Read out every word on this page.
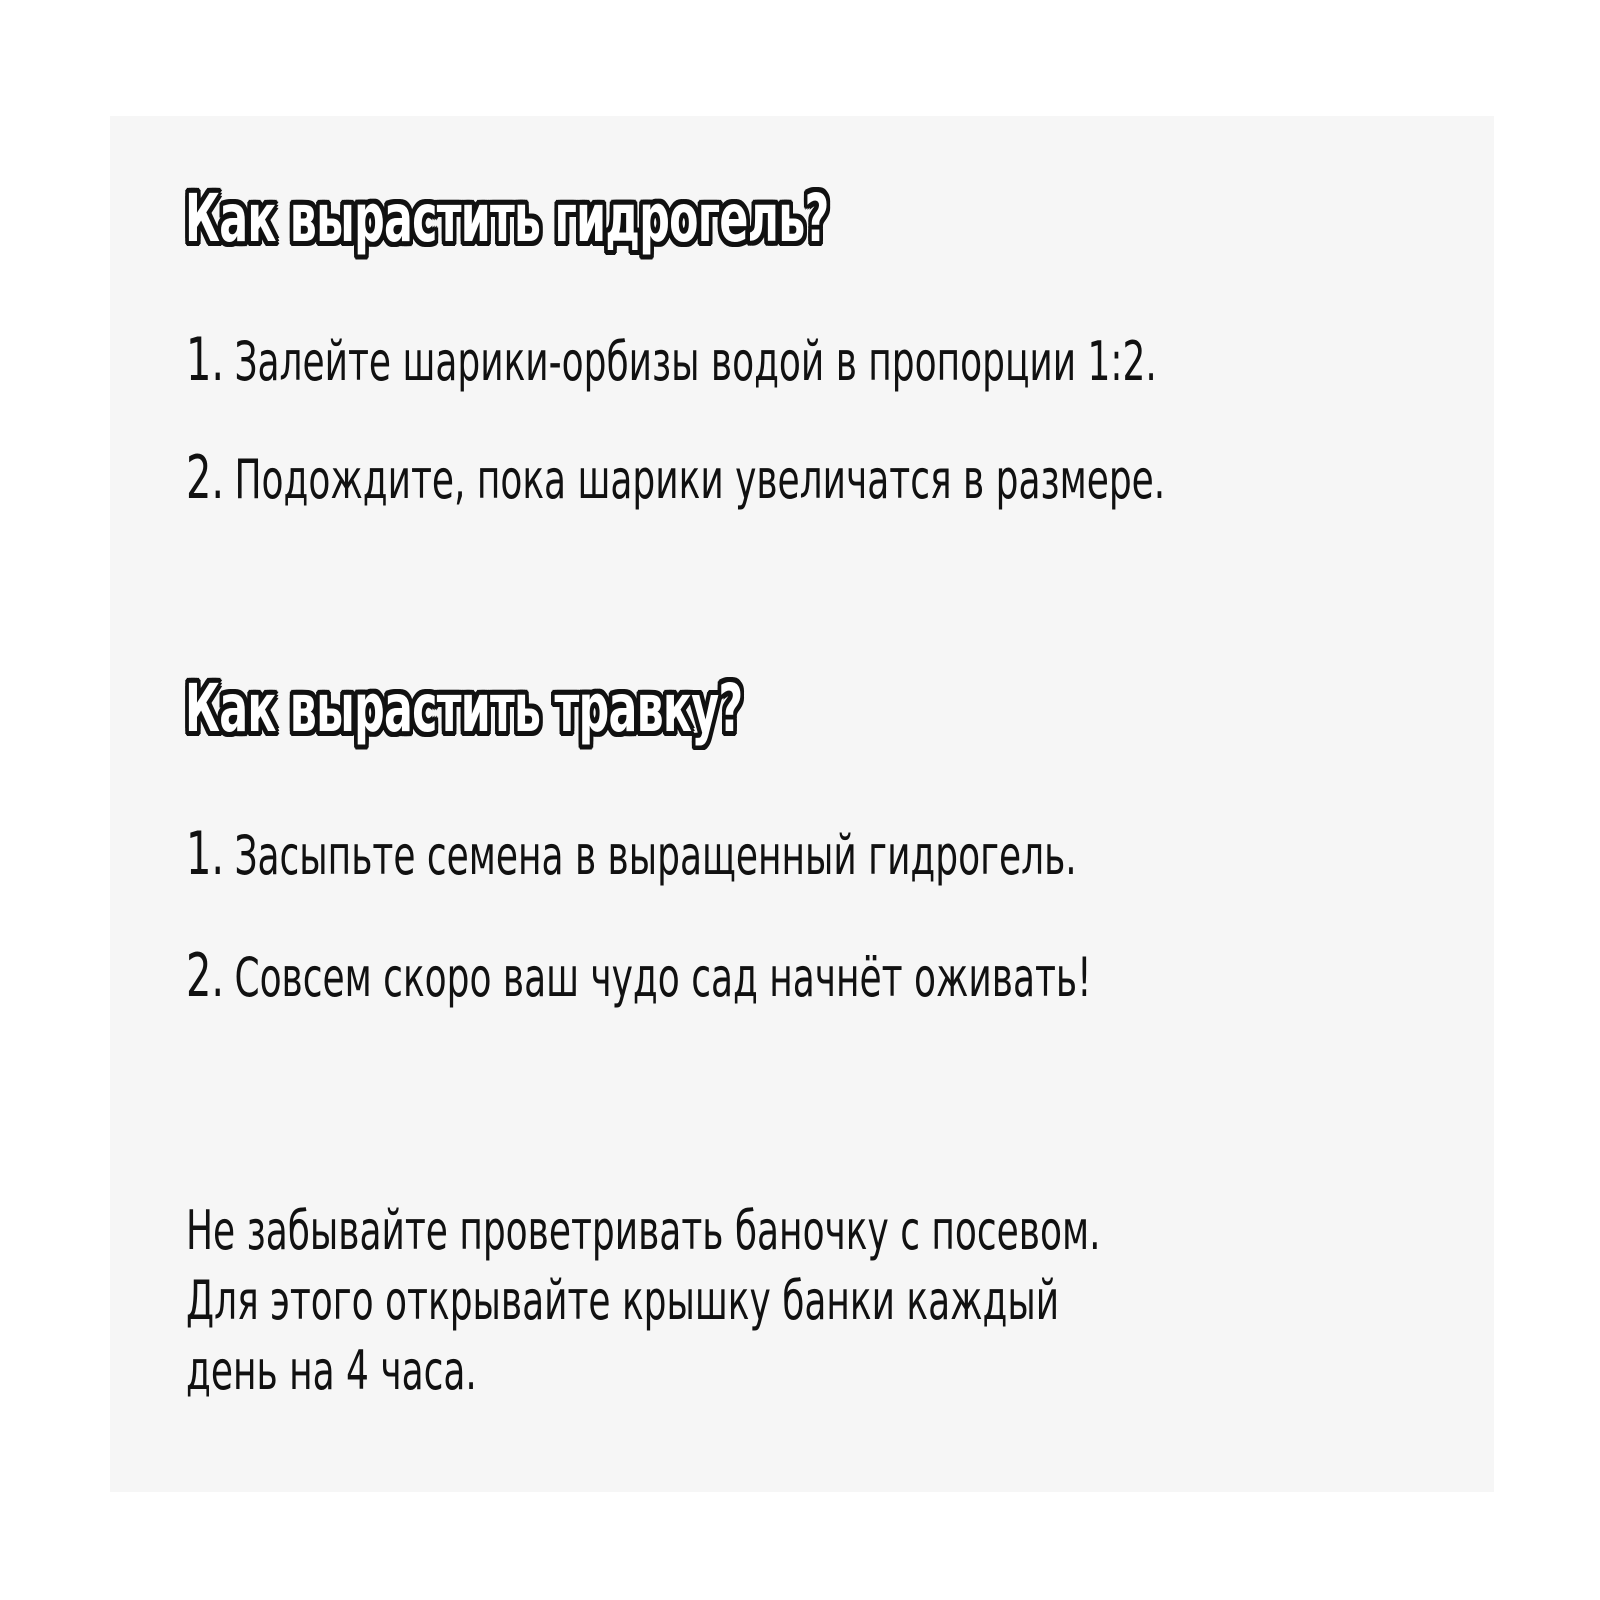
Как вырастить гидрогель?

1. Залейте шарики-орбизы водой в пропорции 1:2.

2. Подождите, пока шарики увеличатся в размере.

Как вырастить травку?

1. Засыпьте семена в выращенный гидрогель.

2. Совсем скоро ваш чудо сад начнёт оживать!

Не забывайте проветривать баночку с посевом.
Для этого открывайте крышку банки каждый
день на 4 часа.
